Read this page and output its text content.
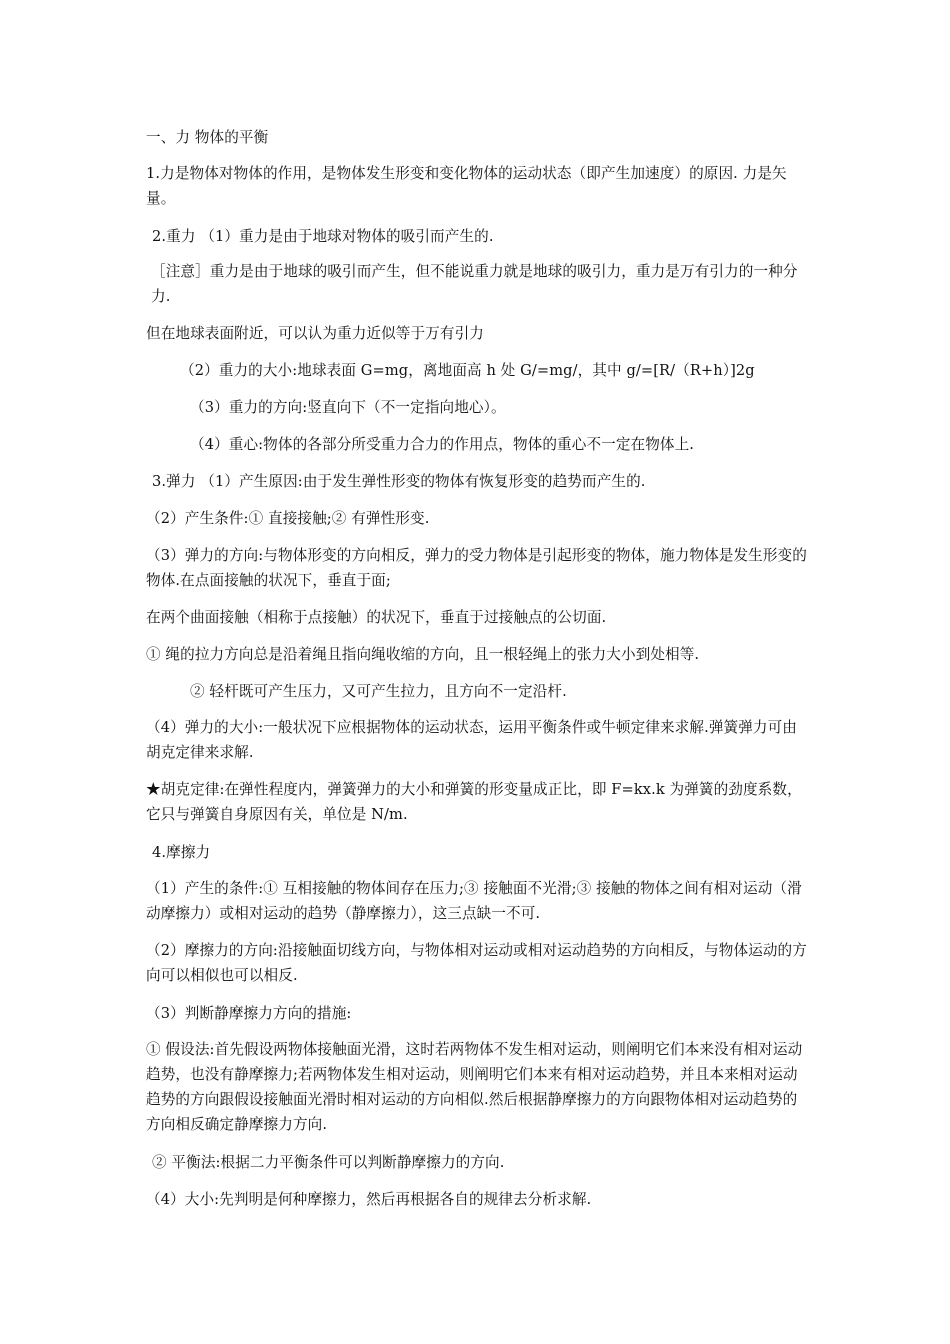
一、力 物体的平衡
1.力是物体对物体的作用，是物体发生形变和变化物体的运动状态（即产生加速度）的原因. 力是矢量。
2.重力 （1）重力是由于地球对物体的吸引而产生的.
［注意］重力是由于地球的吸引而产生，但不能说重力就是地球的吸引力，重力是万有引力的一种分力.
但在地球表面附近，可以认为重力近似等于万有引力
（2）重力的大小:地球表面 G=mg，离地面高 h 处 G/=mg/，其中 g/=[R/（R+h）]2g
（3）重力的方向:竖直向下（不一定指向地心）。
（4）重心:物体的各部分所受重力合力的作用点，物体的重心不一定在物体上.
3.弹力 （1）产生原因:由于发生弹性形变的物体有恢复形变的趋势而产生的.
（2）产生条件:① 直接接触;② 有弹性形变.
（3）弹力的方向:与物体形变的方向相反，弹力的受力物体是引起形变的物体，施力物体是发生形变的物体.在点面接触的状况下，垂直于面;
在两个曲面接触（相称于点接触）的状况下，垂直于过接触点的公切面.
① 绳的拉力方向总是沿着绳且指向绳收缩的方向，且一根轻绳上的张力大小到处相等.
② 轻杆既可产生压力，又可产生拉力，且方向不一定沿杆.
（4）弹力的大小:一般状况下应根据物体的运动状态，运用平衡条件或牛顿定律来求解.弹簧弹力可由胡克定律来求解.
★胡克定律:在弹性程度内，弹簧弹力的大小和弹簧的形变量成正比，即 F=kx.k 为弹簧的劲度系数，它只与弹簧自身原因有关，单位是 N/m.
4.摩擦力
（1）产生的条件:① 互相接触的物体间存在压力;③ 接触面不光滑;③ 接触的物体之间有相对运动（滑动摩擦力）或相对运动的趋势（静摩擦力），这三点缺一不可.
（2）摩擦力的方向:沿接触面切线方向，与物体相对运动或相对运动趋势的方向相反，与物体运动的方向可以相似也可以相反.
（3）判断静摩擦力方向的措施:
① 假设法:首先假设两物体接触面光滑，这时若两物体不发生相对运动，则阐明它们本来没有相对运动趋势，也没有静摩擦力;若两物体发生相对运动，则阐明它们本来有相对运动趋势，并且本来相对运动趋势的方向跟假设接触面光滑时相对运动的方向相似.然后根据静摩擦力的方向跟物体相对运动趋势的方向相反确定静摩擦力方向.
② 平衡法:根据二力平衡条件可以判断静摩擦力的方向.
（4）大小:先判明是何种摩擦力，然后再根据各自的规律去分析求解.
